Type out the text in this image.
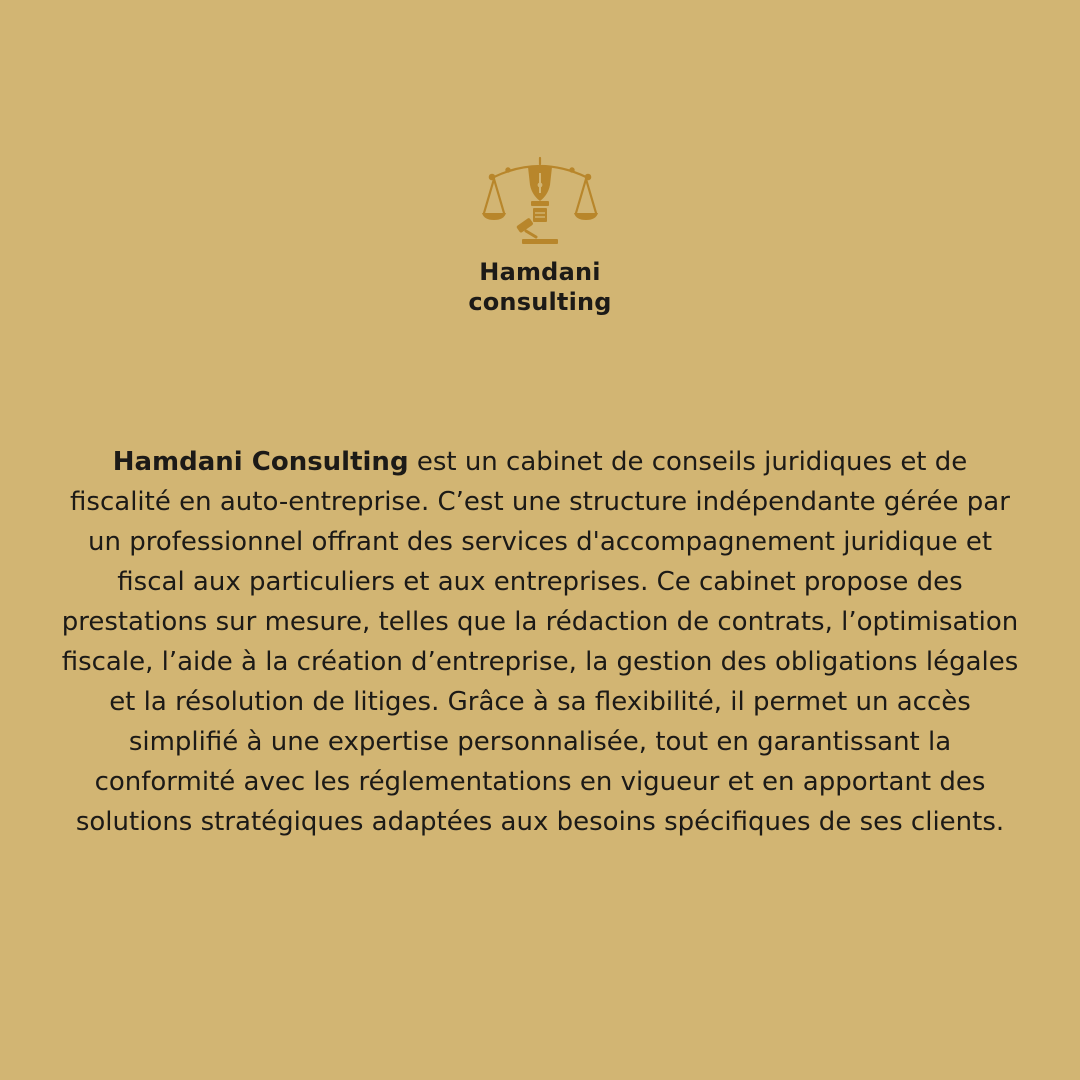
Hamdani
consulting

Hamdani Consulting est un cabinet de conseils juridiques et de fiscalité en auto-entreprise. C’est une structure indépendante gérée par un professionnel offrant des services d'accompagnement juridique et fiscal aux particuliers et aux entreprises. Ce cabinet propose des prestations sur mesure, telles que la rédaction de contrats, l’optimisation fiscale, l’aide à la création d’entreprise, la gestion des obligations légales et la résolution de litiges. Grâce à sa flexibilité, il permet un accès simplifié à une expertise personnalisée, tout en garantissant la conformité avec les réglementations en vigueur et en apportant des solutions stratégiques adaptées aux besoins spécifiques de ses clients.
